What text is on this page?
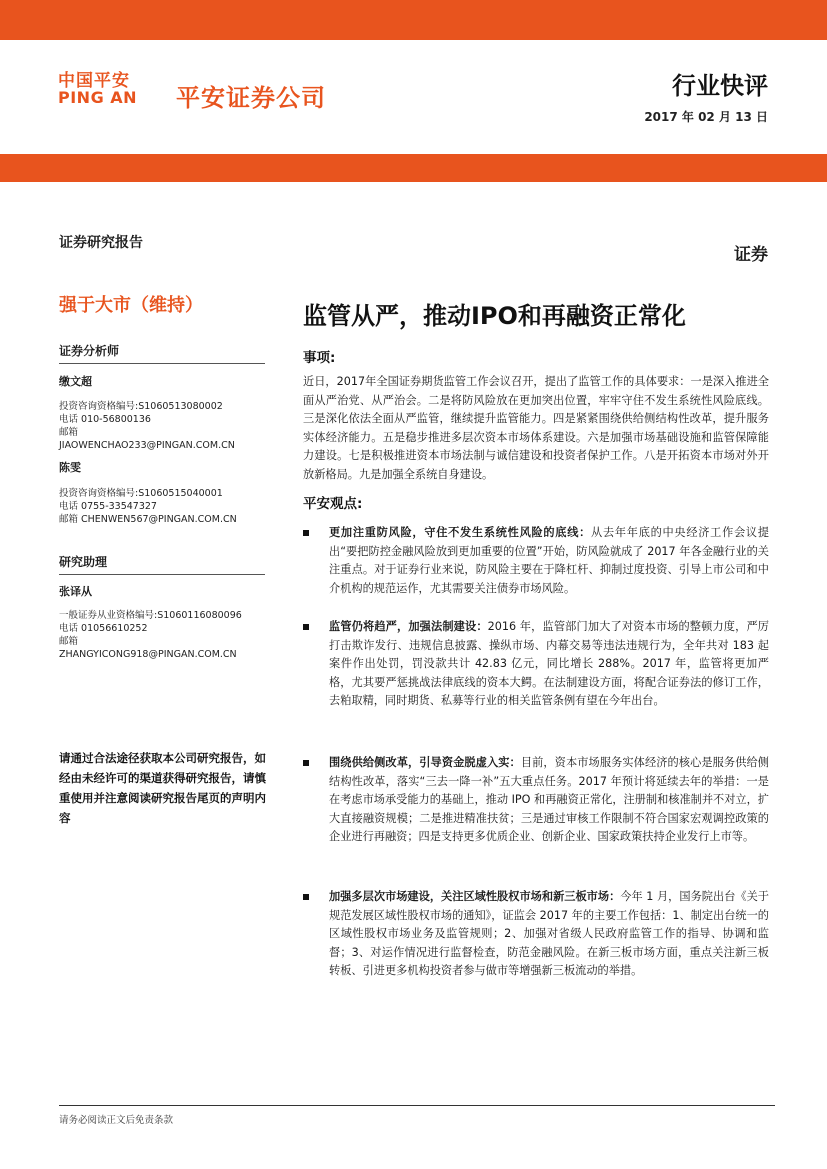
中国平安
PING AN 平安证券公司	行业快评
2017 年 02 月 13 日
证券研究报告
证券
强于大市（维持）	监管从严，推动IPO和再融资正常化
证券分析师
缴文超
投资咨询资格编号:S1060513080002
电话 010-56800136
邮箱
JIAOWENCHAO233@PINGAN.COM.CN
陈雯
投资咨询资格编号:S1060515040001
电话 0755-33547327
邮箱 CHENWEN567@PINGAN.COM.CN
研究助理
张译从
一般证券从业资格编号:S1060116080096
电话 01056610252
邮箱
ZHANGYICONG918@PINGAN.COM.CN
请通过合法途径获取本公司研究报告，如经由未经许可的渠道获得研究报告，请慎重使用并注意阅读研究报告尾页的声明内容
事项:
近日，2017年全国证券期货监管工作会议召开，提出了监管工作的具体要求：一是深入推进全面从严治党、从严治会。二是将防风险放在更加突出位置，牢牢守住不发生系统性风险底线。三是深化依法全面从严监管，继续提升监管能力。四是紧紧围绕供给侧结构性改革，提升服务实体经济能力。五是稳步推进多层次资本市场体系建设。六是加强市场基础设施和监管保障能力建设。七是积极推进资本市场法制与诚信建设和投资者保护工作。八是开拓资本市场对外开放新格局。九是加强全系统自身建设。
平安观点:
更加注重防风险，守住不发生系统性风险的底线：从去年年底的中央经济工作会议提出“要把防控金融风险放到更加重要的位置”开始，防风险就成了 2017 年各金融行业的关注重点。对于证券行业来说，防风险主要在于降杠杆、抑制过度投资、引导上市公司和中介机构的规范运作，尤其需要关注债券市场风险。
监管仍将趋严，加强法制建设：2016 年，监管部门加大了对资本市场的整顿力度，严厉打击欺诈发行、违规信息披露、操纵市场、内幕交易等违法违规行为，全年共对 183 起案件作出处罚，罚没款共计 42.83 亿元，同比增长 288%。2017 年，监管将更加严格，尤其要严惩挑战法律底线的资本大鳄。在法制建设方面，将配合证券法的修订工作，去粕取精，同时期货、私募等行业的相关监管条例有望在今年出台。
围绕供给侧改革，引导资金脱虚入实：目前，资本市场服务实体经济的核心是服务供给侧结构性改革，落实“三去一降一补”五大重点任务。2017 年预计将延续去年的举措：一是在考虑市场承受能力的基础上，推动 IPO 和再融资正常化，注册制和核准制并不对立，扩大直接融资规模；二是推进精准扶贫；三是通过审核工作限制不符合国家宏观调控政策的企业进行再融资；四是支持更多优质企业、创新企业、国家政策扶持企业发行上市等。
加强多层次市场建设，关注区域性股权市场和新三板市场：今年 1 月，国务院出台《关于规范发展区域性股权市场的通知》，证监会 2017 年的主要工作包括：1、制定出台统一的区域性股权市场业务及监管规则；2、加强对省级人民政府监管工作的指导、协调和监督；3、对运作情况进行监督检查，防范金融风险。在新三板市场方面，重点关注新三板转板、引进更多机构投资者参与做市等增强新三板流动的举措。
请务必阅读正文后免责条款
